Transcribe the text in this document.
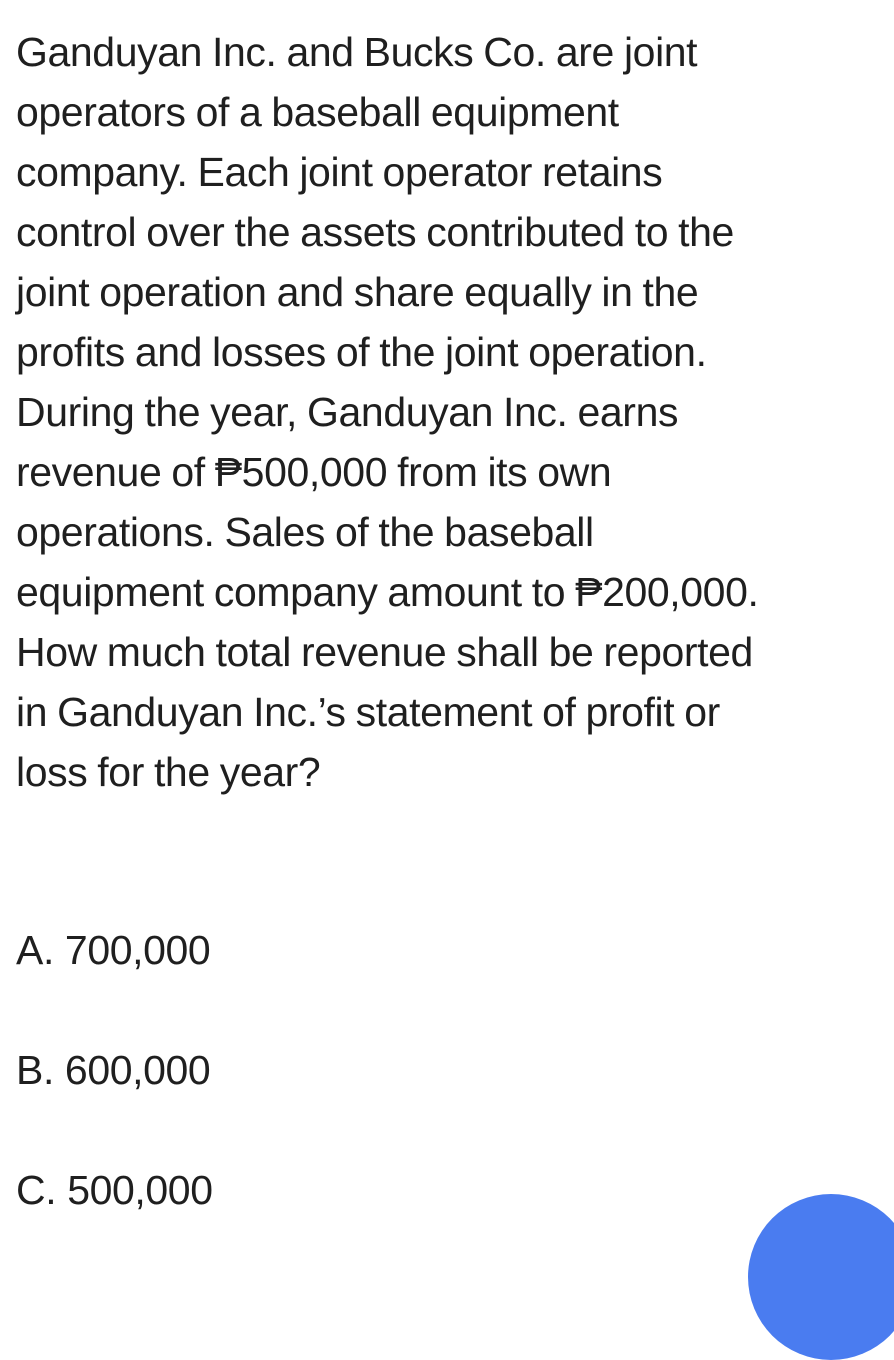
Ganduyan Inc. and Bucks Co. are joint
operators of a baseball equipment
company. Each joint operator retains
control over the assets contributed to the
joint operation and share equally in the
profits and losses of the joint operation.
During the year, Ganduyan Inc. earns
revenue of ₱500,000 from its own
operations. Sales of the baseball
equipment company amount to ₱200,000.
How much total revenue shall be reported
in Ganduyan Inc.’s statement of profit or
loss for the year?

A. 700,000
B. 600,000
C. 500,000
